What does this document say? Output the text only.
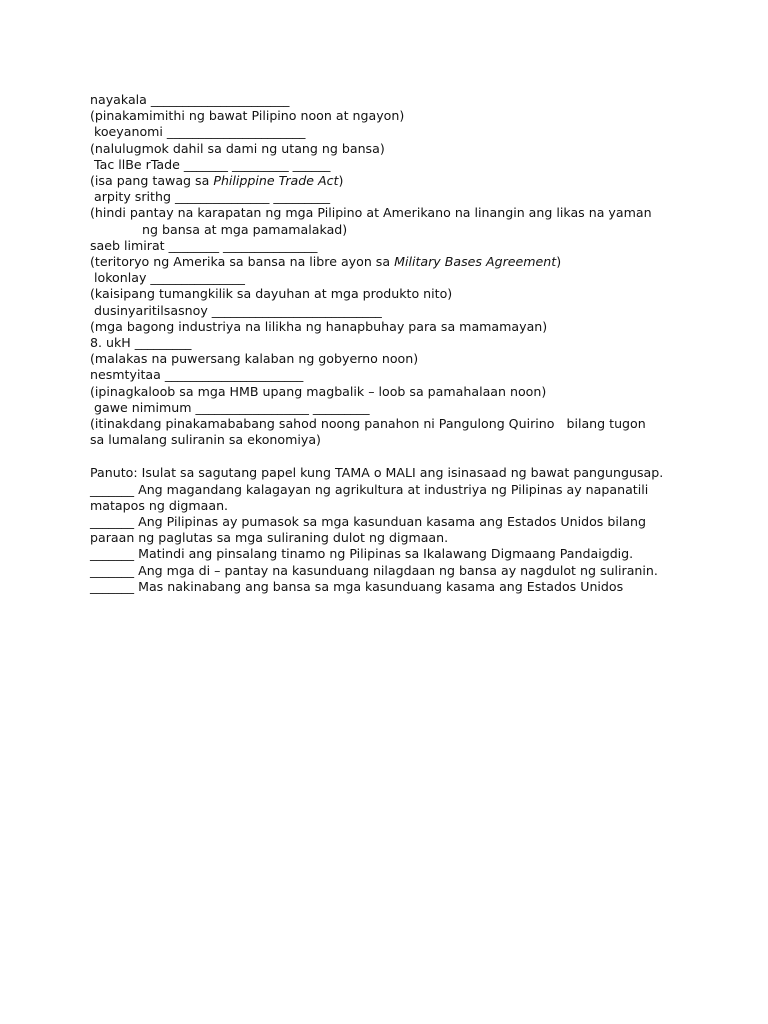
nayakala ______________________

(pinakamimithi ng bawat Pilipino noon at ngayon)

koeyanomi ______________________

(nalulugmok dahil sa dami ng utang ng bansa)

Tac llBe rTade _______ _________ ______

(isa pang tawag sa Philippine Trade Act)

arpity srithg _______________ _________

(hindi pantay na karapatan ng mga Pilipino at Amerikano na linangin ang likas na yaman

ng bansa at mga pamamalakad)

saeb limirat ________ _______________

(teritoryo ng Amerika sa bansa na libre ayon sa Military Bases Agreement)

lokonlay _______________

(kaisipang tumangkilik sa dayuhan at mga produkto nito)

dusinyaritilsasnoy ___________________________

(mga bagong industriya na lilikha ng hanapbuhay para sa mamamayan)

8. ukH _________

(malakas na puwersang kalaban ng gobyerno noon)

nesmtyitaa ______________________

(ipinagkaloob sa mga HMB upang magbalik – loob sa pamahalaan noon)

gawe nimimum __________________ _________

(itinakdang pinakamababang sahod noong panahon ni Pangulong Quirino   bilang tugon

sa lumalang suliranin sa ekonomiya)

Panuto: Isulat sa sagutang papel kung TAMA o MALI ang isinasaad ng bawat pangungusap.

_______ Ang magandang kalagayan ng agrikultura at industriya ng Pilipinas ay napanatili matapos ng digmaan.

_______ Ang Pilipinas ay pumasok sa mga kasunduan kasama ang Estados Unidos bilang paraan ng paglutas sa mga suliraning dulot ng digmaan.

_______ Matindi ang pinsalang tinamo ng Pilipinas sa Ikalawang Digmaang Pandaigdig.

_______ Ang mga di – pantay na kasunduang nilagdaan ng bansa ay nagdulot ng suliranin.

_______ Mas nakinabang ang bansa sa mga kasunduang kasama ang Estados Unidos
